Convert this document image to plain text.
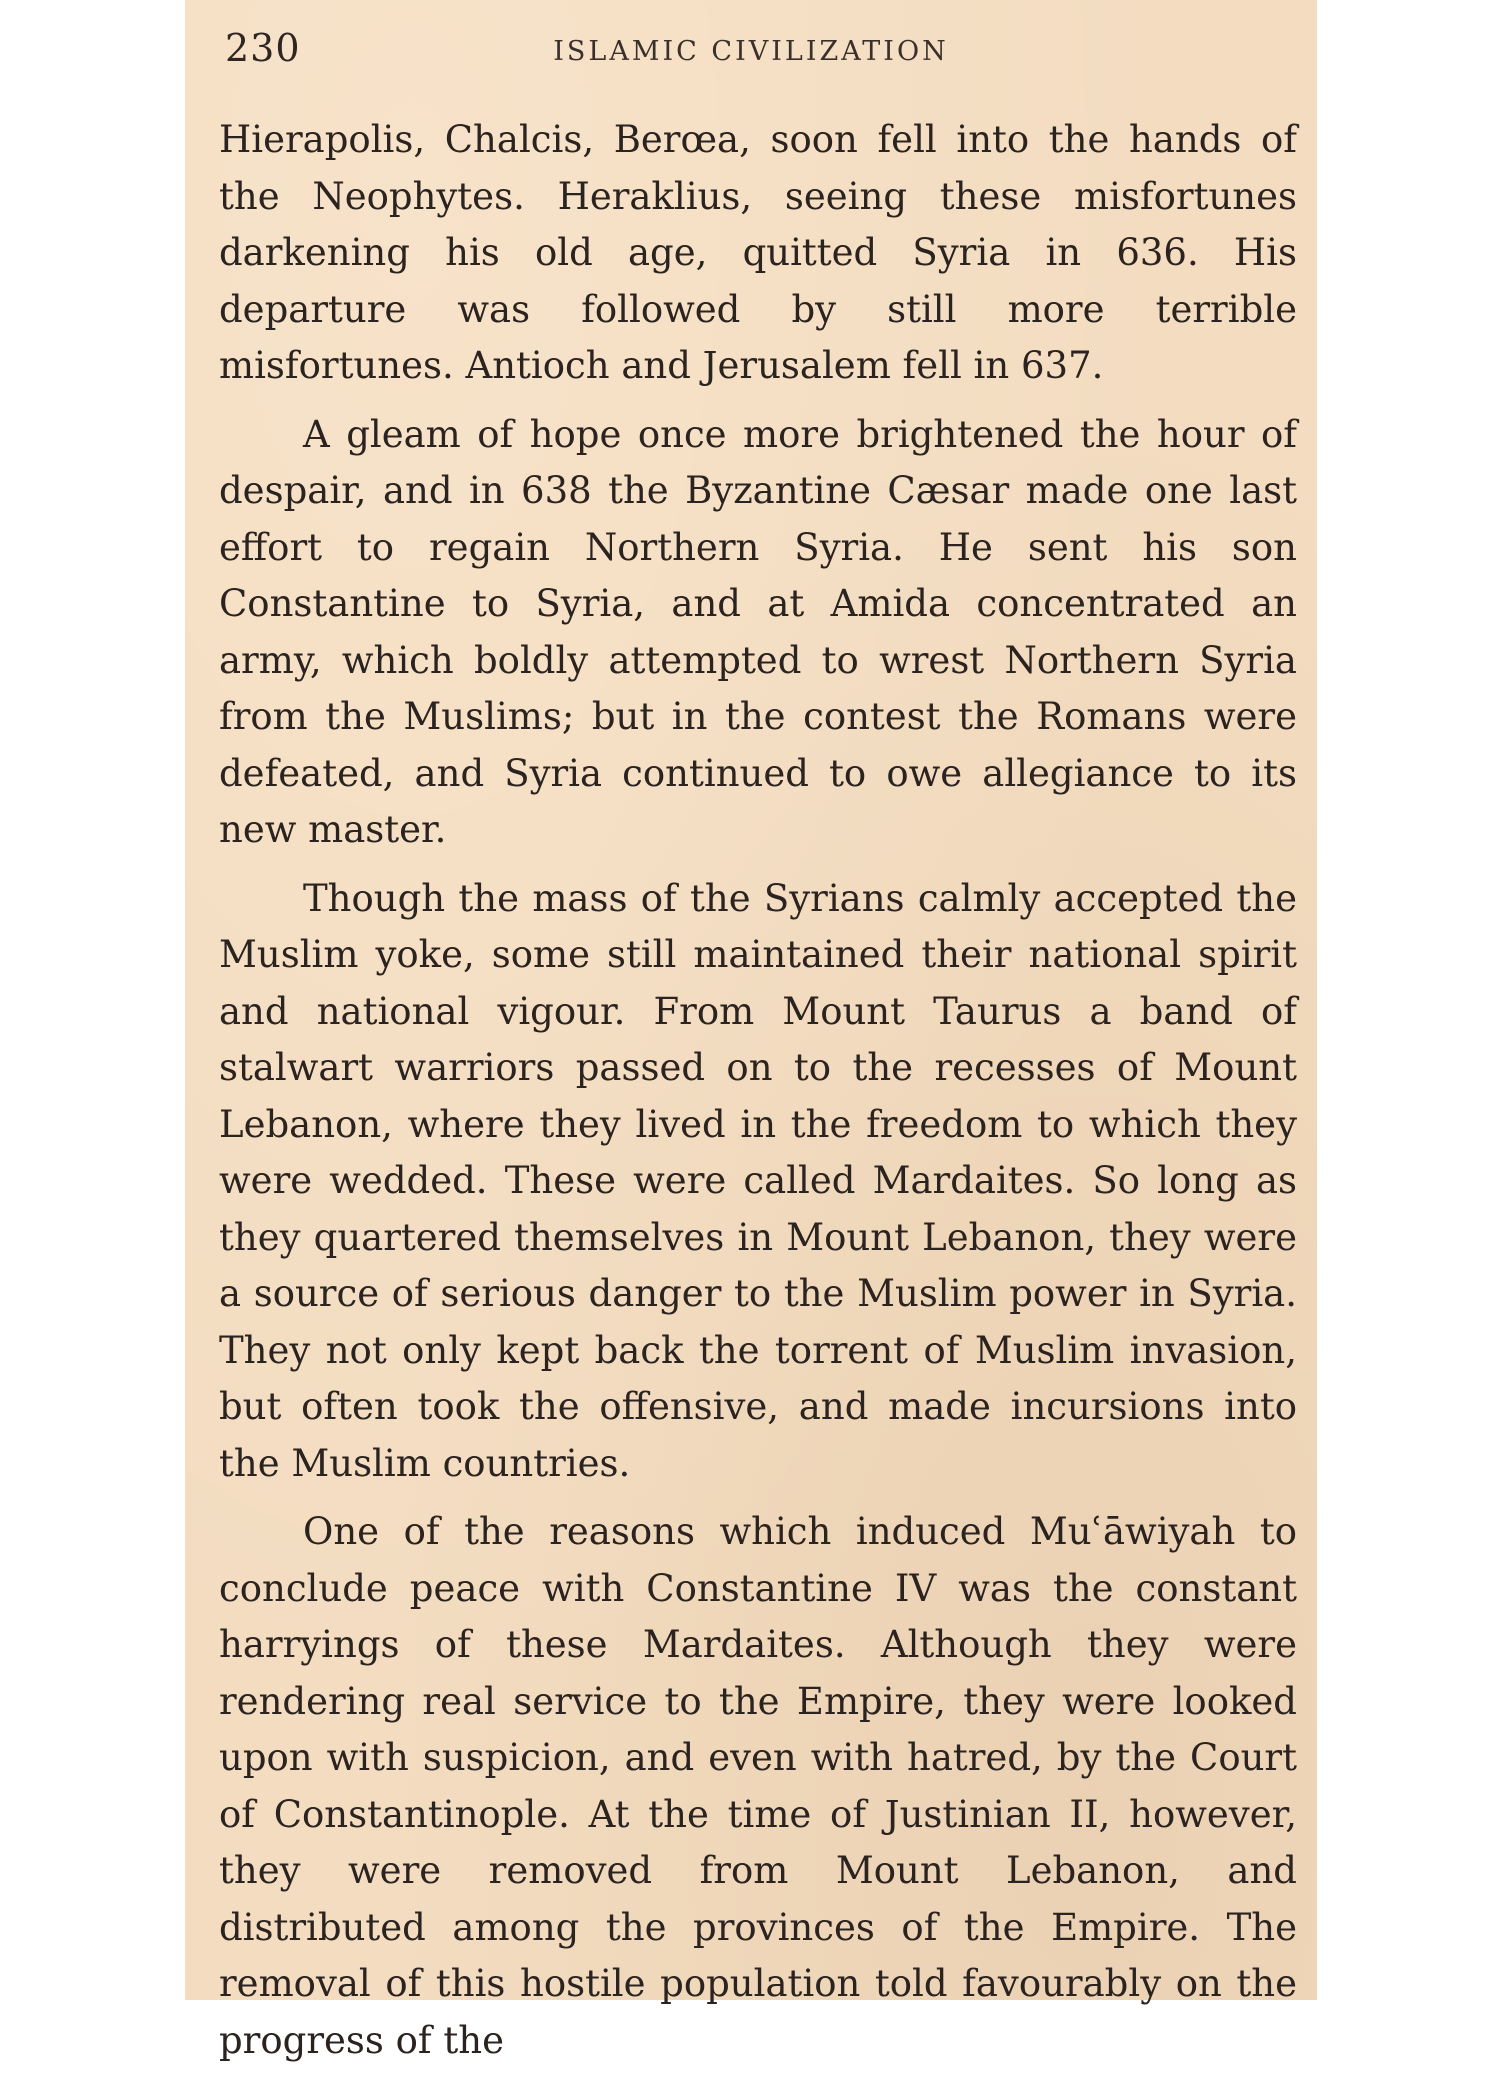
230	ISLAMIC CIVILIZATION

Hierapolis, Chalcis, Berœa, soon fell into the hands of the Neophytes. Heraklius, seeing these misfortunes darkening his old age, quitted Syria in 636. His departure was followed by still more terrible misfortunes. Antioch and Jerusalem fell in 637.

A gleam of hope once more brightened the hour of despair, and in 638 the Byzantine Cæsar made one last effort to regain Northern Syria. He sent his son Constantine to Syria, and at Amida concentrated an army, which boldly attempted to wrest Northern Syria from the Muslims; but in the contest the Romans were defeated, and Syria continued to owe allegiance to its new master.

Though the mass of the Syrians calmly accepted the Muslim yoke, some still maintained their national spirit and national vigour. From Mount Taurus a band of stalwart warriors passed on to the recesses of Mount Lebanon, where they lived in the freedom to which they were wedded. These were called Mardaites. So long as they quartered themselves in Mount Lebanon, they were a source of serious danger to the Muslim power in Syria. They not only kept back the torrent of Muslim invasion, but often took the offensive, and made incursions into the Muslim countries.

One of the reasons which induced Muʿāwiyah to conclude peace with Constantine IV was the constant harryings of these Mardaites. Although they were rendering real service to the Empire, they were looked upon with suspicion, and even with hatred, by the Court of Constantinople. At the time of Justinian II, however, they were removed from Mount Lebanon, and distributed among the provinces of the Empire. The removal of this hostile population told favourably on the progress of the
